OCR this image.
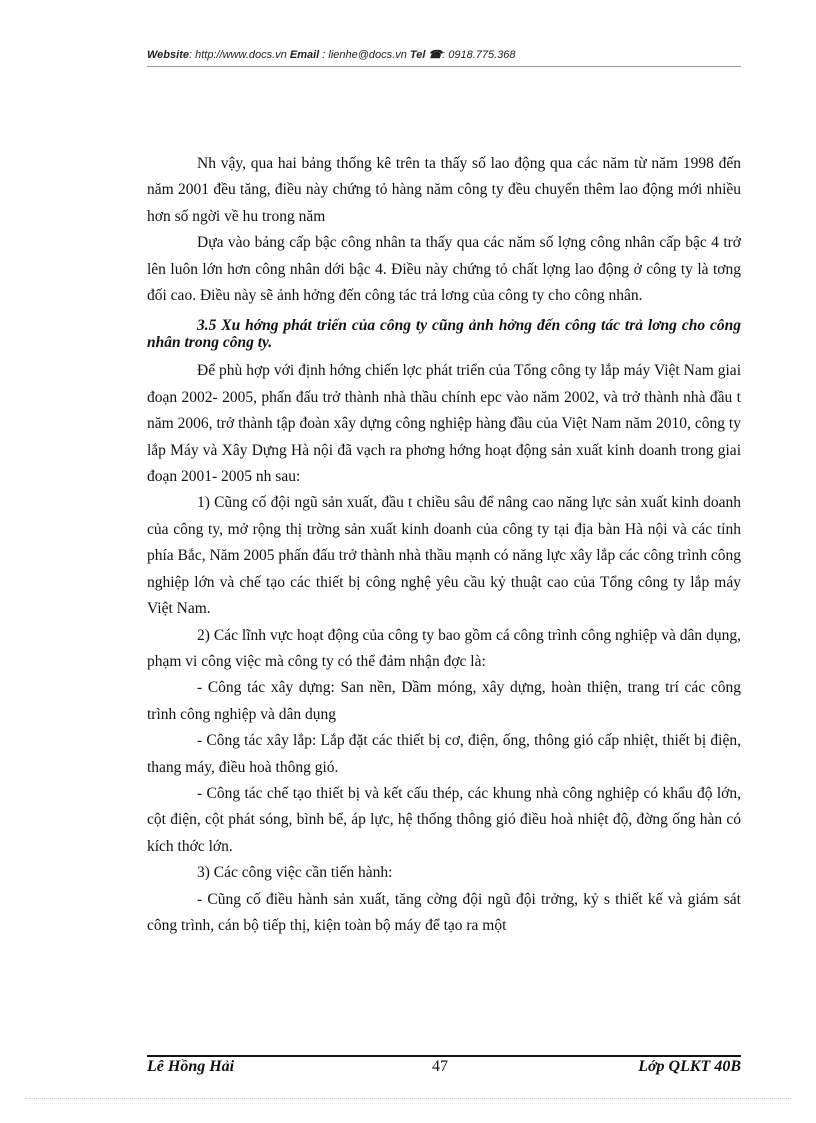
Website: http://www.docs.vn Email : lienhe@docs.vn Tel ☎: 0918.775.368

Nh vậy, qua hai bảng thống kê trên ta thấy số lao động qua các năm từ năm 1998 đến năm 2001 đều tăng, điều này chứng tỏ hàng năm công ty đều chuyển thêm lao động mới nhiều hơn số ngời về hu trong năm

Dựa vào bảng cấp bậc công nhân ta thấy qua các năm số lợng công nhân cấp bậc 4 trở lên luôn lớn hơn công nhân dới bậc 4. Điều này chứng tỏ chất lợng lao động ở công ty là tơng đối cao. Điều này sẽ ảnh hởng đến công tác trả lơng của công ty cho công nhân.

3.5 Xu hớng phát triển của công ty cũng ảnh hởng đến công tác trả lơng cho công nhân trong công ty.

Để phù hợp với định hớng chiến lợc phát triển của Tổng công ty lắp máy Việt Nam giai đoạn 2002- 2005, phấn đấu trở thành nhà thầu chính epc vào năm 2002, và trở thành nhà đầu t năm 2006, trở thành tập đoàn xây dựng công nghiệp hàng đầu của Việt Nam năm 2010, công ty lắp Máy và Xây Dựng Hà nội đã vạch ra phơng hớng hoạt động sản xuất kinh doanh trong giai đoạn 2001- 2005 nh sau:

1) Cũng cố đội ngũ sản xuất, đầu t chiều sâu để nâng cao năng lực sản xuất kinh doanh của công ty, mở rộng thị trờng sản xuất kinh doanh của công ty tại địa bàn Hà nội và các tỉnh phía Bắc, Năm 2005 phấn đấu trở thành nhà thầu mạnh có năng lực xây lắp các công trình công nghiệp lớn và chế tạo các thiết bị công nghệ yêu cầu kỷ thuật cao của Tổng công ty lắp máy Việt Nam.

2) Các lĩnh vực hoạt động của công ty bao gồm cá công trình công nghiệp và dân dụng, phạm vi công việc mà công ty có thể đảm nhận đợc là:

- Công tác xây dựng: San nền, Dầm móng, xây dựng, hoàn thiện, trang trí các công trình công nghiệp và dân dụng

- Công tác xây lắp: Lắp đặt các thiết bị cơ, điện, ống, thông gió cấp nhiệt, thiết bị điện, thang máy, điều hoà thông gió.

- Công tác chế tạo thiết bị và kết cấu thép, các khung nhà công nghiệp có khẩu độ lớn, cột điện, cột phát sóng, bình bể, áp lực, hệ thống thông gió điều hoà nhiệt độ, đờng ống hàn có kích thớc lớn.

3) Các công việc cần tiến hành:

- Cũng cố điều hành sản xuất, tăng cờng đội ngũ đội trởng, kỷ s thiết kế và giám sát công trình, cán bộ tiếp thị, kiện toàn bộ máy để tạo ra một

Lê Hồng Hải	47	Lớp QLKT 40B
